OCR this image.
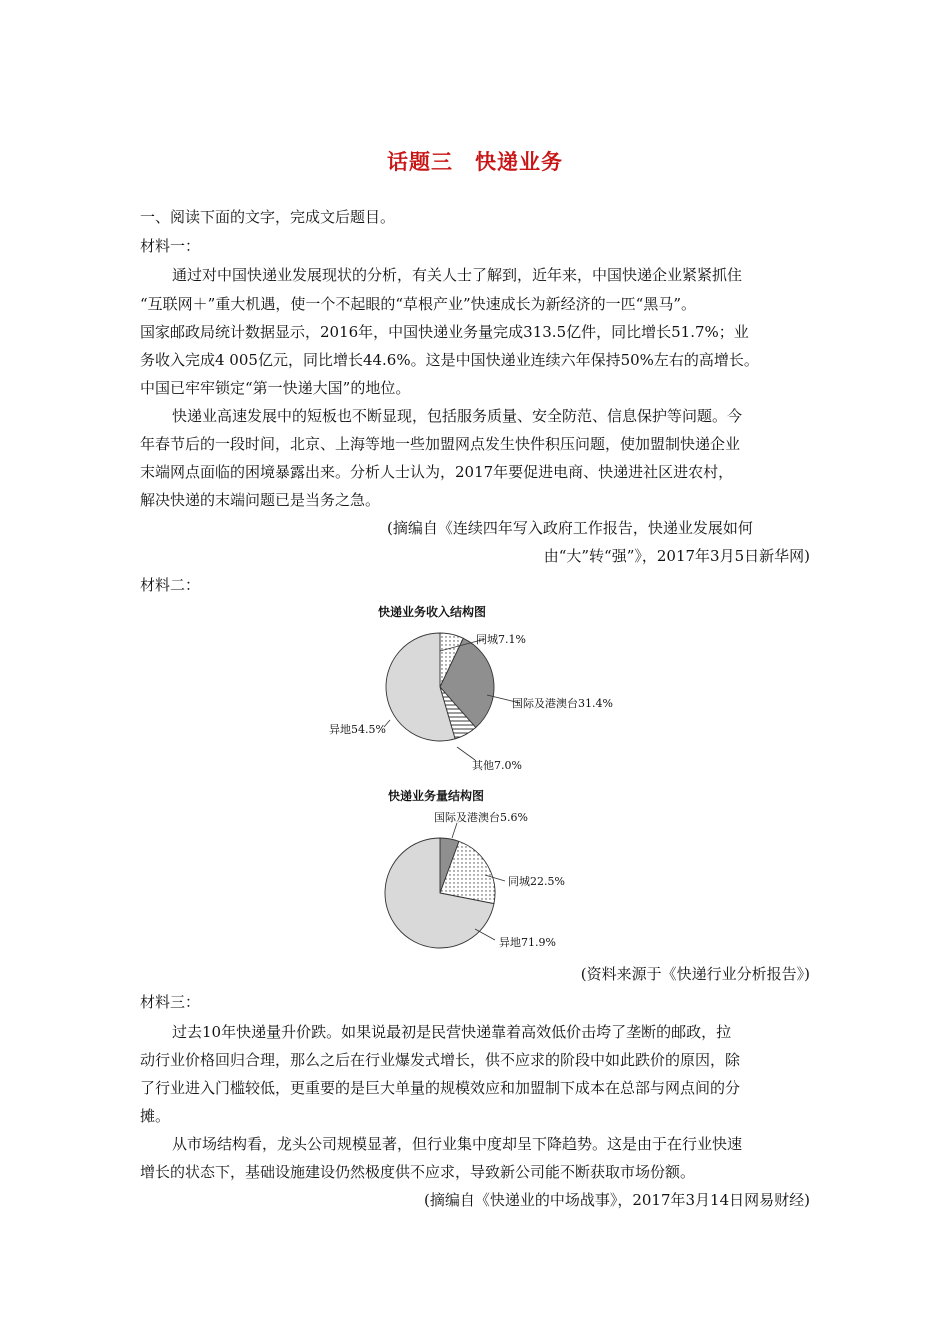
话题三　快递业务
一、阅读下面的文字，完成文后题目。
材料一：
通过对中国快递业发展现状的分析，有关人士了解到，近年来，中国快递企业紧紧抓住
“互联网＋”重大机遇，使一个不起眼的“草根产业”快速成长为新经济的一匹“黑马”。
国家邮政局统计数据显示，2016年，中国快递业务量完成313.5亿件，同比增长51.7%；业
务收入完成4 005亿元，同比增长44.6%。这是中国快递业连续六年保持50%左右的高增长。
中国已牢牢锁定“第一快递大国”的地位。
快递业高速发展中的短板也不断显现，包括服务质量、安全防范、信息保护等问题。今
年春节后的一段时间，北京、上海等地一些加盟网点发生快件积压问题，使加盟制快递企业
末端网点面临的困境暴露出来。分析人士认为，2017年要促进电商、快递进社区进农村，
解决快递的末端问题已是当务之急。
(摘编自《连续四年写入政府工作报告，快递业发展如何
由“大”转“强”》，2017年3月5日新华网)
材料二：
快递业务收入结构图
同城7.1%
国际及港澳台31.4%
其他7.0%
异地54.5%
快递业务量结构图
国际及港澳台5.6%
同城22.5%
异地71.9%
(资料来源于《快递行业分析报告》)
材料三：
过去10年快递量升价跌。如果说最初是民营快递靠着高效低价击垮了垄断的邮政，拉
动行业价格回归合理，那么之后在行业爆发式增长，供不应求的阶段中如此跌价的原因，除
了行业进入门槛较低，更重要的是巨大单量的规模效应和加盟制下成本在总部与网点间的分
摊。
从市场结构看，龙头公司规模显著，但行业集中度却呈下降趋势。这是由于在行业快速
增长的状态下，基础设施建设仍然极度供不应求，导致新公司能不断获取市场份额。
(摘编自《快递业的中场战事》，2017年3月14日网易财经)
